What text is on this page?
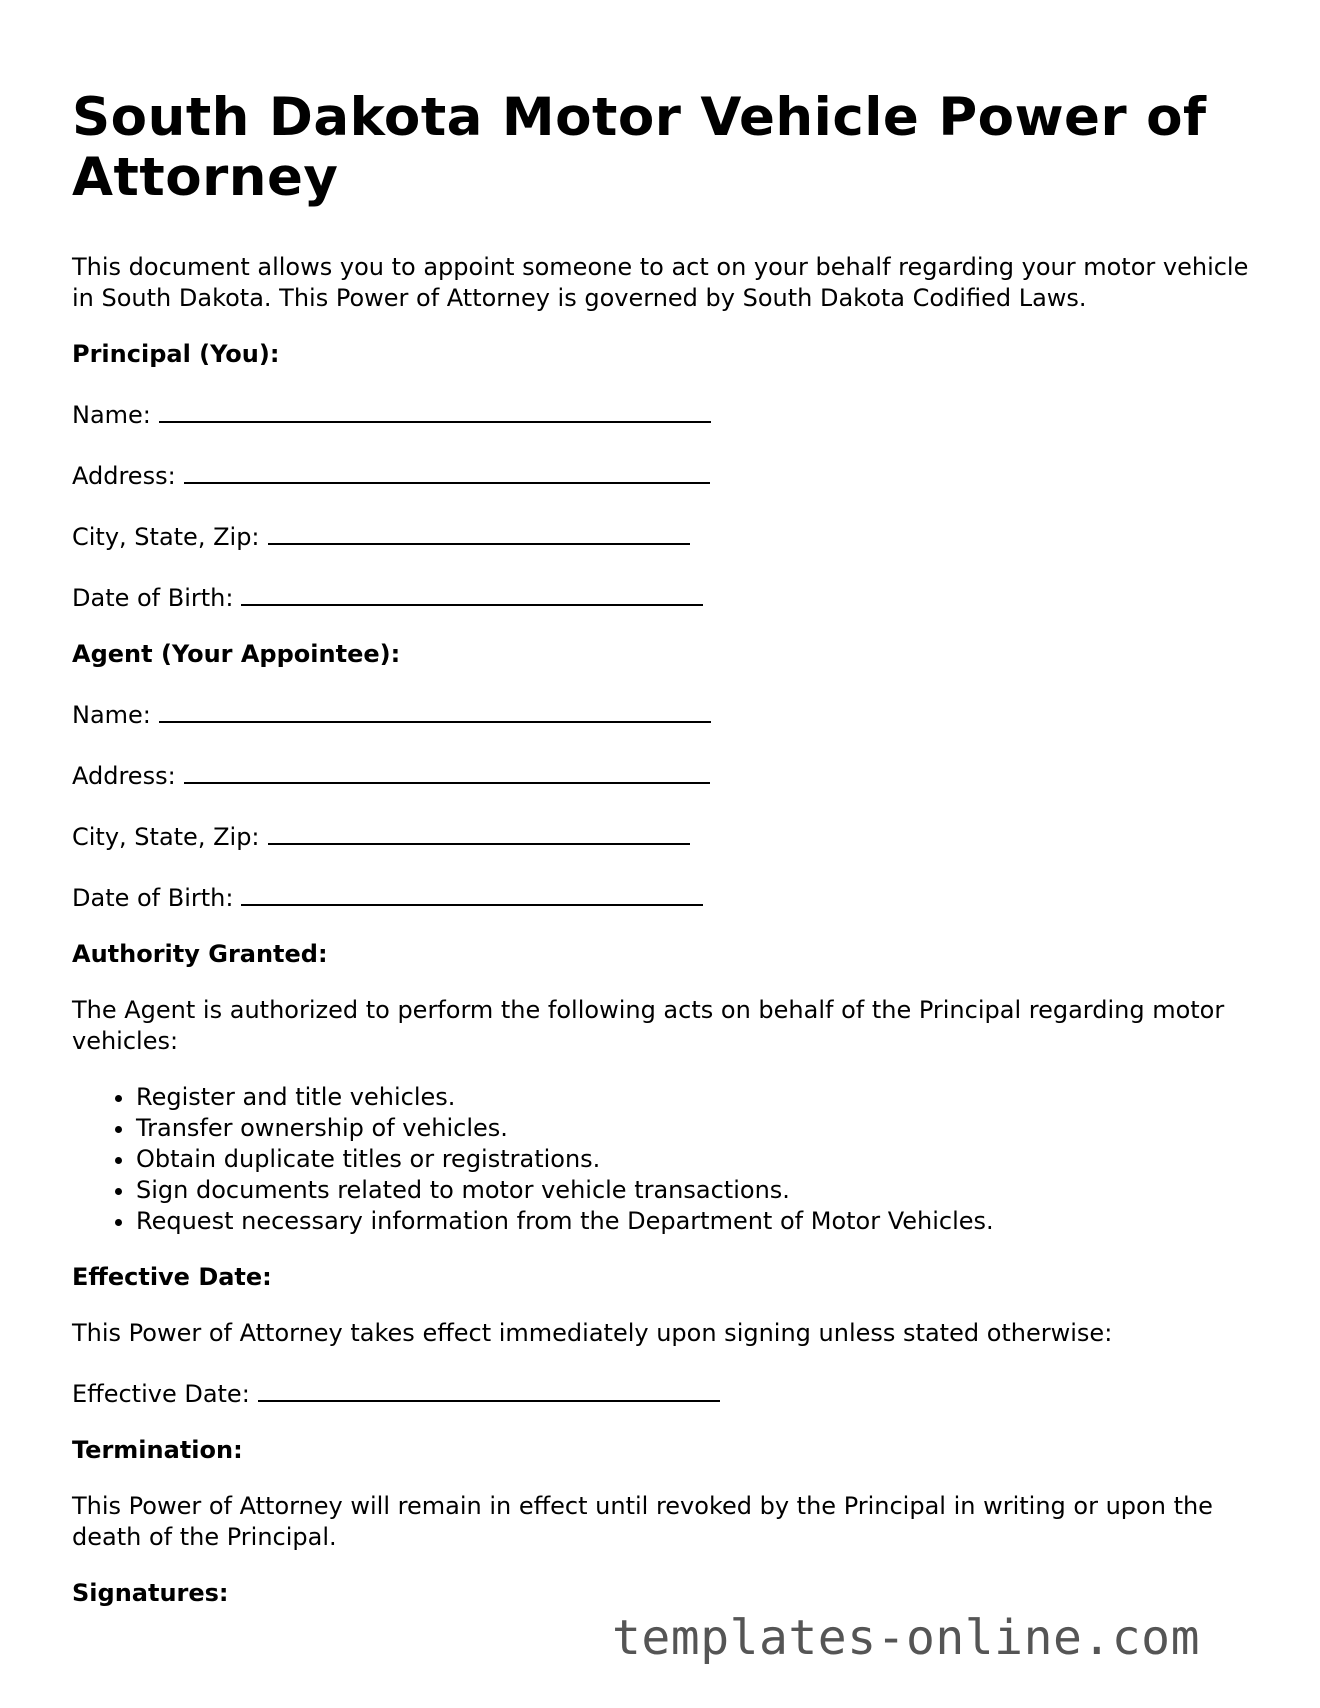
South Dakota Motor Vehicle Power of Attorney

This document allows you to appoint someone to act on your behalf regarding your motor vehicle in South Dakota. This Power of Attorney is governed by South Dakota Codified Laws.

Principal (You):
Name:
Address:
City, State, Zip:
Date of Birth:
Agent (Your Appointee):
Name:
Address:
City, State, Zip:
Date of Birth:
Authority Granted:

The Agent is authorized to perform the following acts on behalf of the Principal regarding motor vehicles:

• Register and title vehicles.
• Transfer ownership of vehicles.
• Obtain duplicate titles or registrations.
• Sign documents related to motor vehicle transactions.
• Request necessary information from the Department of Motor Vehicles.
Effective Date:

This Power of Attorney takes effect immediately upon signing unless stated otherwise:

Effective Date:
Termination:

This Power of Attorney will remain in effect until revoked by the Principal in writing or upon the death of the Principal.

Signatures:
templates-online.com
